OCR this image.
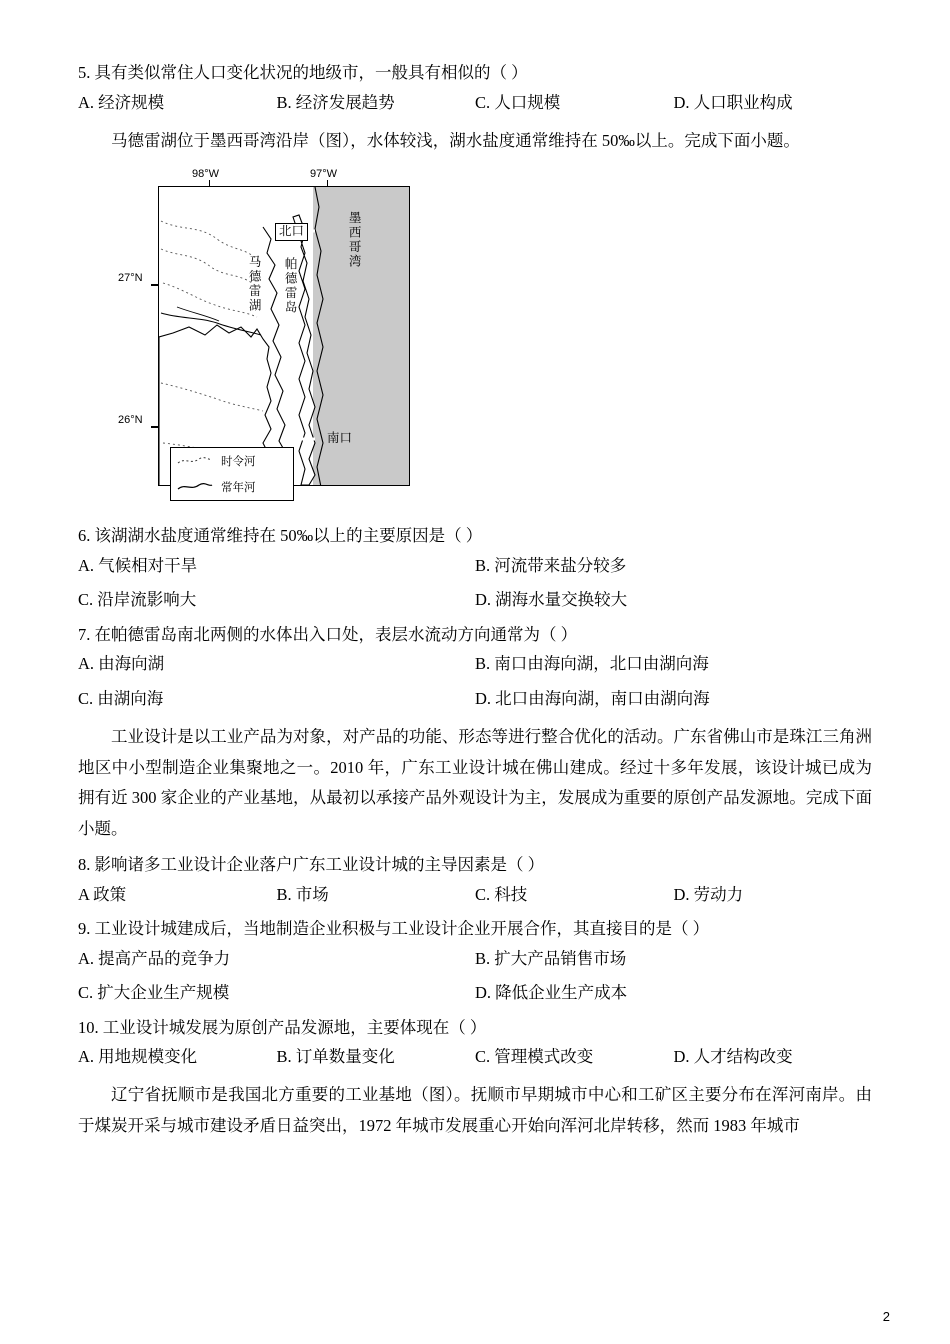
5. 具有类似常住人口变化状况的地级市，一般具有相似的（ ）
A. 经济规模	B. 经济发展趋势	C. 人口规模	D. 人口职业构成
马德雷湖位于墨西哥湾沿岸（图），水体较浅，湖水盐度通常维持在 50‰以上。完成下面小题。
98°W	97°W
27°N
26°N
北口
马德雷湖 帕德雷岛
墨西哥湾
南口
时令河
常年河
6. 该湖湖水盐度通常维持在 50‰以上的主要原因是（ ）
A. 气候相对干旱	B. 河流带来盐分较多
C. 沿岸流影响大	D. 湖海水量交换较大
7. 在帕德雷岛南北两侧的水体出入口处，表层水流动方向通常为（ ）
A. 由海向湖	B. 南口由海向湖，北口由湖向海
C. 由湖向海	D. 北口由海向湖，南口由湖向海
工业设计是以工业产品为对象，对产品的功能、形态等进行整合优化的活动。广东省佛山市是珠江三角洲地区中小型制造企业集聚地之一。2010 年，广东工业设计城在佛山建成。经过十多年发展，该设计城已成为拥有近 300 家企业的产业基地，从最初以承接产品外观设计为主，发展成为重要的原创产品发源地。完成下面小题。
8. 影响诸多工业设计企业落户广东工业设计城的主导因素是（ ）
A 政策	B. 市场	C. 科技	D. 劳动力
9. 工业设计城建成后，当地制造企业积极与工业设计企业开展合作，其直接目的是（ ）
A. 提高产品的竞争力	B. 扩大产品销售市场
C. 扩大企业生产规模	D. 降低企业生产成本
10. 工业设计城发展为原创产品发源地，主要体现在（ ）
A. 用地规模变化	B. 订单数量变化	C. 管理模式改变	D. 人才结构改变
辽宁省抚顺市是我国北方重要的工业基地（图）。抚顺市早期城市中心和工矿区主要分布在浑河南岸。由于煤炭开采与城市建设矛盾日益突出，1972 年城市发展重心开始向浑河北岸转移，然而 1983 年城市
2
